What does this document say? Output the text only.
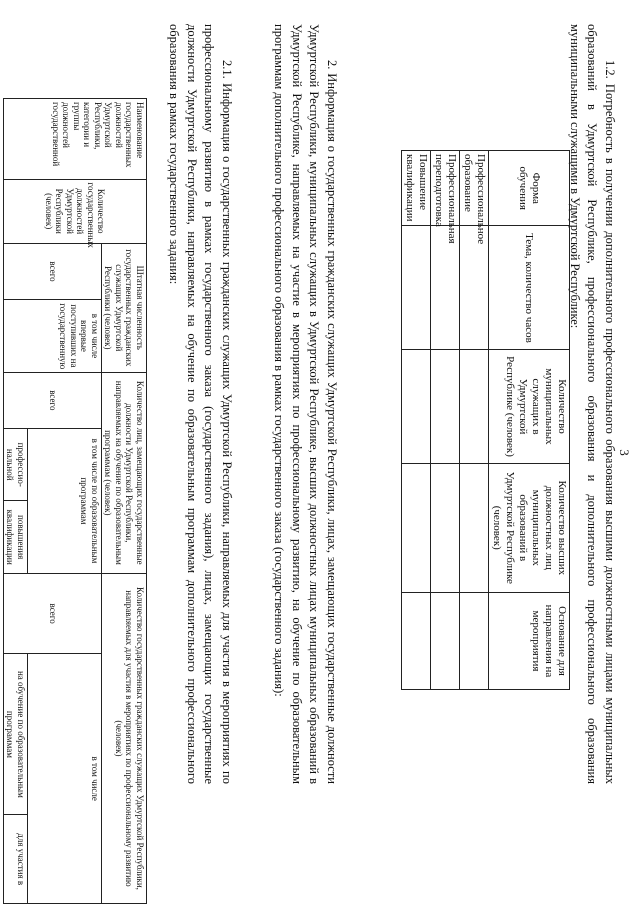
3

1.2. Потребность в получении дополнительного профессионального образования высшими должностными лицами муниципальных образований в Удмуртской Республике, профессионального образования и дополнительного профессионального образования муниципальными служащими в Удмуртской Республике:

Форма обучения	Тема, количество часов	Количество муниципальных служащих в Удмуртской Республике (человек)	Количество высших должностных лиц муниципальных образований в Удмуртской Республике (человек)	Основание для направления на мероприятия
Профессиональное образование				
Профессиональная переподготовка				
Повышение квалификации				

2. Информация о государственных гражданских служащих Удмуртской Республики, лицах, замещающих государственные должности Удмуртской Республики, муниципальных служащих в Удмуртской Республике, высших должностных лицах муниципальных образований в Удмуртской Республике, направляемых на участие в мероприятиях по профессиональному развитию, на обучение по образовательным программам дополнительного профессионального образования в рамках государственного заказа (государственного задания):

2.1. Информация о государственных гражданских служащих Удмуртской Республики, направляемых для участия в мероприятиях по профессиональному развитию в рамках государственного заказа (государственного задания), лицах, замещающих государственные должности Удмуртской Республики, направляемых на обучение по образовательным программам дополнительного профессионального образования в рамках государственного задания:

Наименование государственных должностей Удмуртской Республики, категории и группы должностей государственной	Количество государственных должностей Удмуртской Республики (человек)	Штатная численность государственных гражданских служащих Удмуртской Республики (человек)		Количество лиц, замещающих государственные должности Удмуртской Республики, направляемых на обучение по образовательным программам (человек)			Количество государственных гражданских служащих Удмуртской Республики, направляемых для участия в мероприятиях по профессиональному развитию (человек)		
		всего	в том числе впервые поступивших на государственную	всего	в том числе по образовательным программам		всего	в том числе	
					профессио-нальной	повышения квалификации		на обучение по образовательным программам	для участия в
